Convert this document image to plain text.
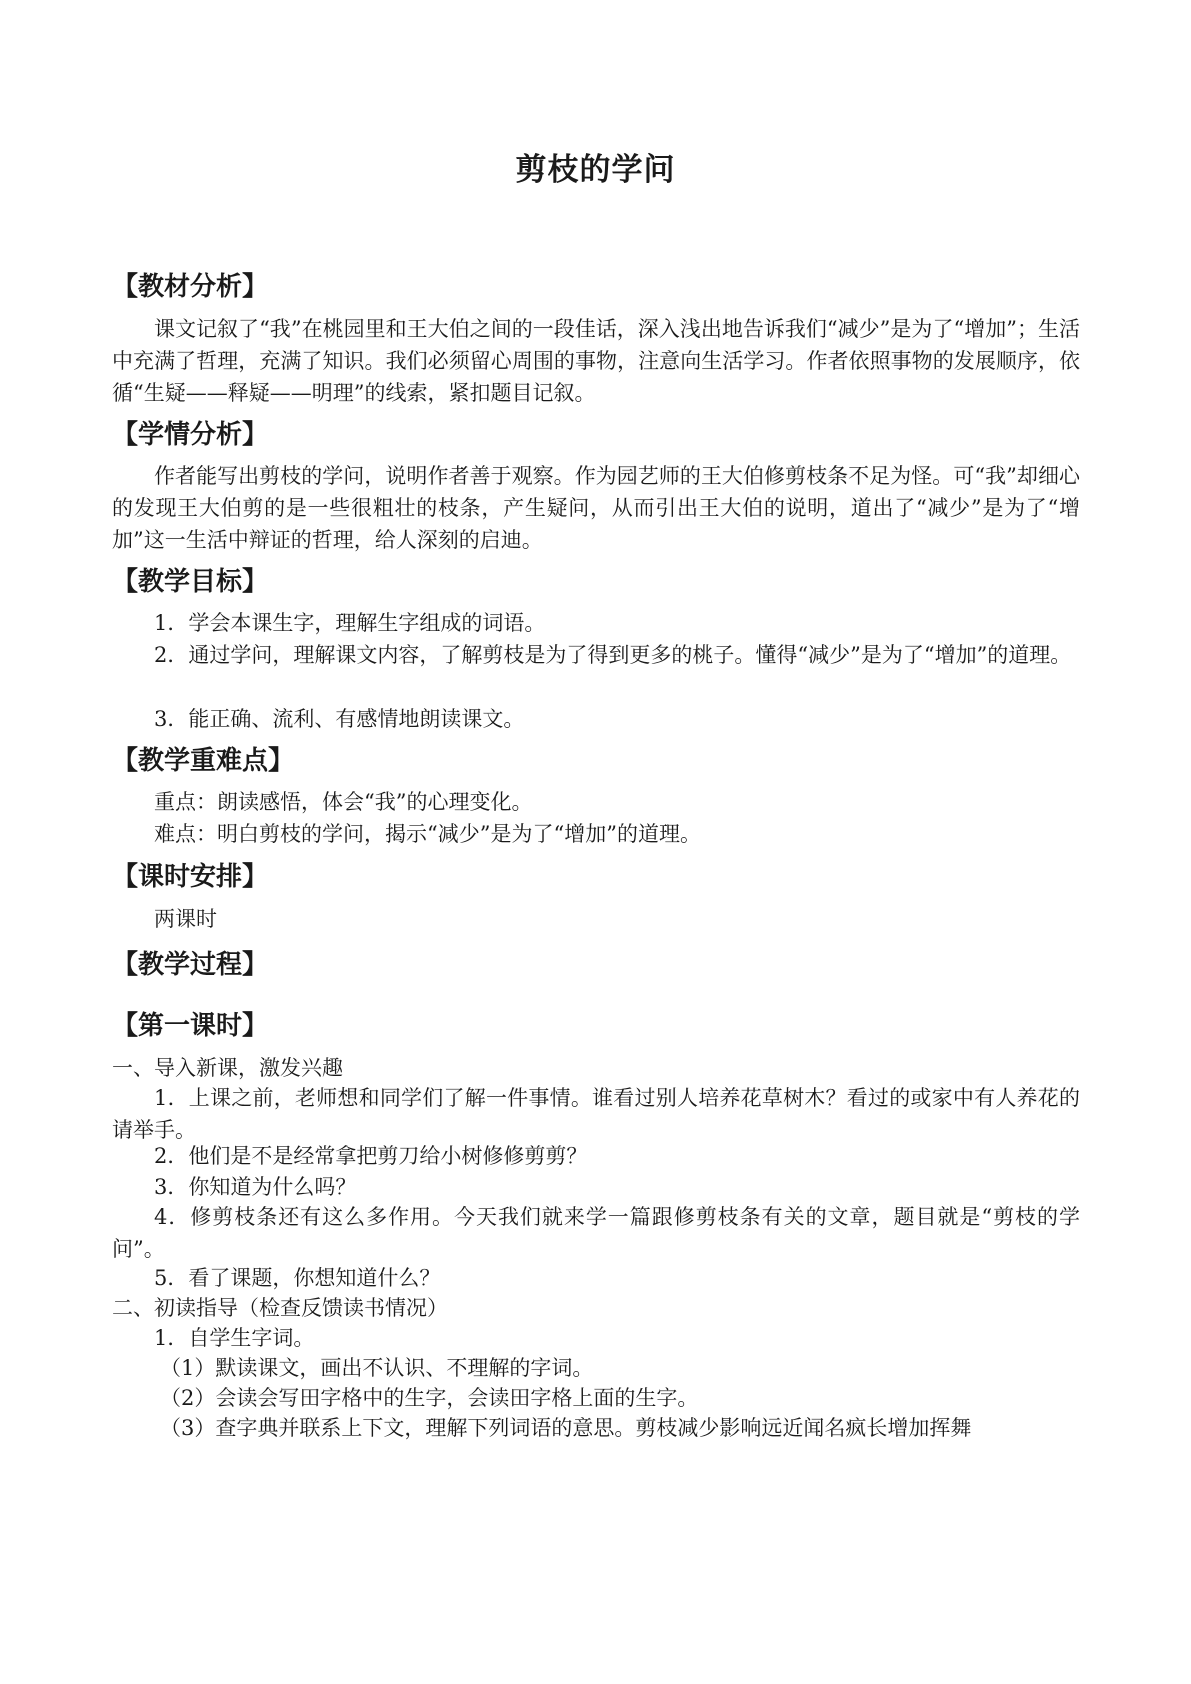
剪枝的学问
【教材分析】
课文记叙了“我”在桃园里和王大伯之间的一段佳话，深入浅出地告诉我们“减少”是为了“增加”；生活中充满了哲理，充满了知识。我们必须留心周围的事物，注意向生活学习。作者依照事物的发展顺序，依循“生疑——释疑——明理”的线索，紧扣题目记叙。
【学情分析】
作者能写出剪枝的学问，说明作者善于观察。作为园艺师的王大伯修剪枝条不足为怪。可“我”却细心的发现王大伯剪的是一些很粗壮的枝条，产生疑问，从而引出王大伯的说明，道出了“减少”是为了“增加”这一生活中辩证的哲理，给人深刻的启迪。
【教学目标】
1．学会本课生字，理解生字组成的词语。
2．通过学问，理解课文内容，了解剪枝是为了得到更多的桃子。懂得“减少”是为了“增加”的道理。
3．能正确、流利、有感情地朗读课文。
【教学重难点】
重点：朗读感悟，体会“我”的心理变化。
难点：明白剪枝的学问，揭示“减少”是为了“增加”的道理。
【课时安排】
两课时
【教学过程】
【第一课时】
一、导入新课，激发兴趣
1．上课之前，老师想和同学们了解一件事情。谁看过别人培养花草树木？看过的或家中有人养花的请举手。
2．他们是不是经常拿把剪刀给小树修修剪剪？
3．你知道为什么吗？
4．修剪枝条还有这么多作用。今天我们就来学一篇跟修剪枝条有关的文章，题目就是“剪枝的学问”。
5．看了课题，你想知道什么？
二、初读指导（检查反馈读书情况）
1．自学生字词。
（1）默读课文，画出不认识、不理解的字词。
（2）会读会写田字格中的生字，会读田字格上面的生字。
（3）查字典并联系上下文，理解下列词语的意思。剪枝减少影响远近闻名疯长增加挥舞
